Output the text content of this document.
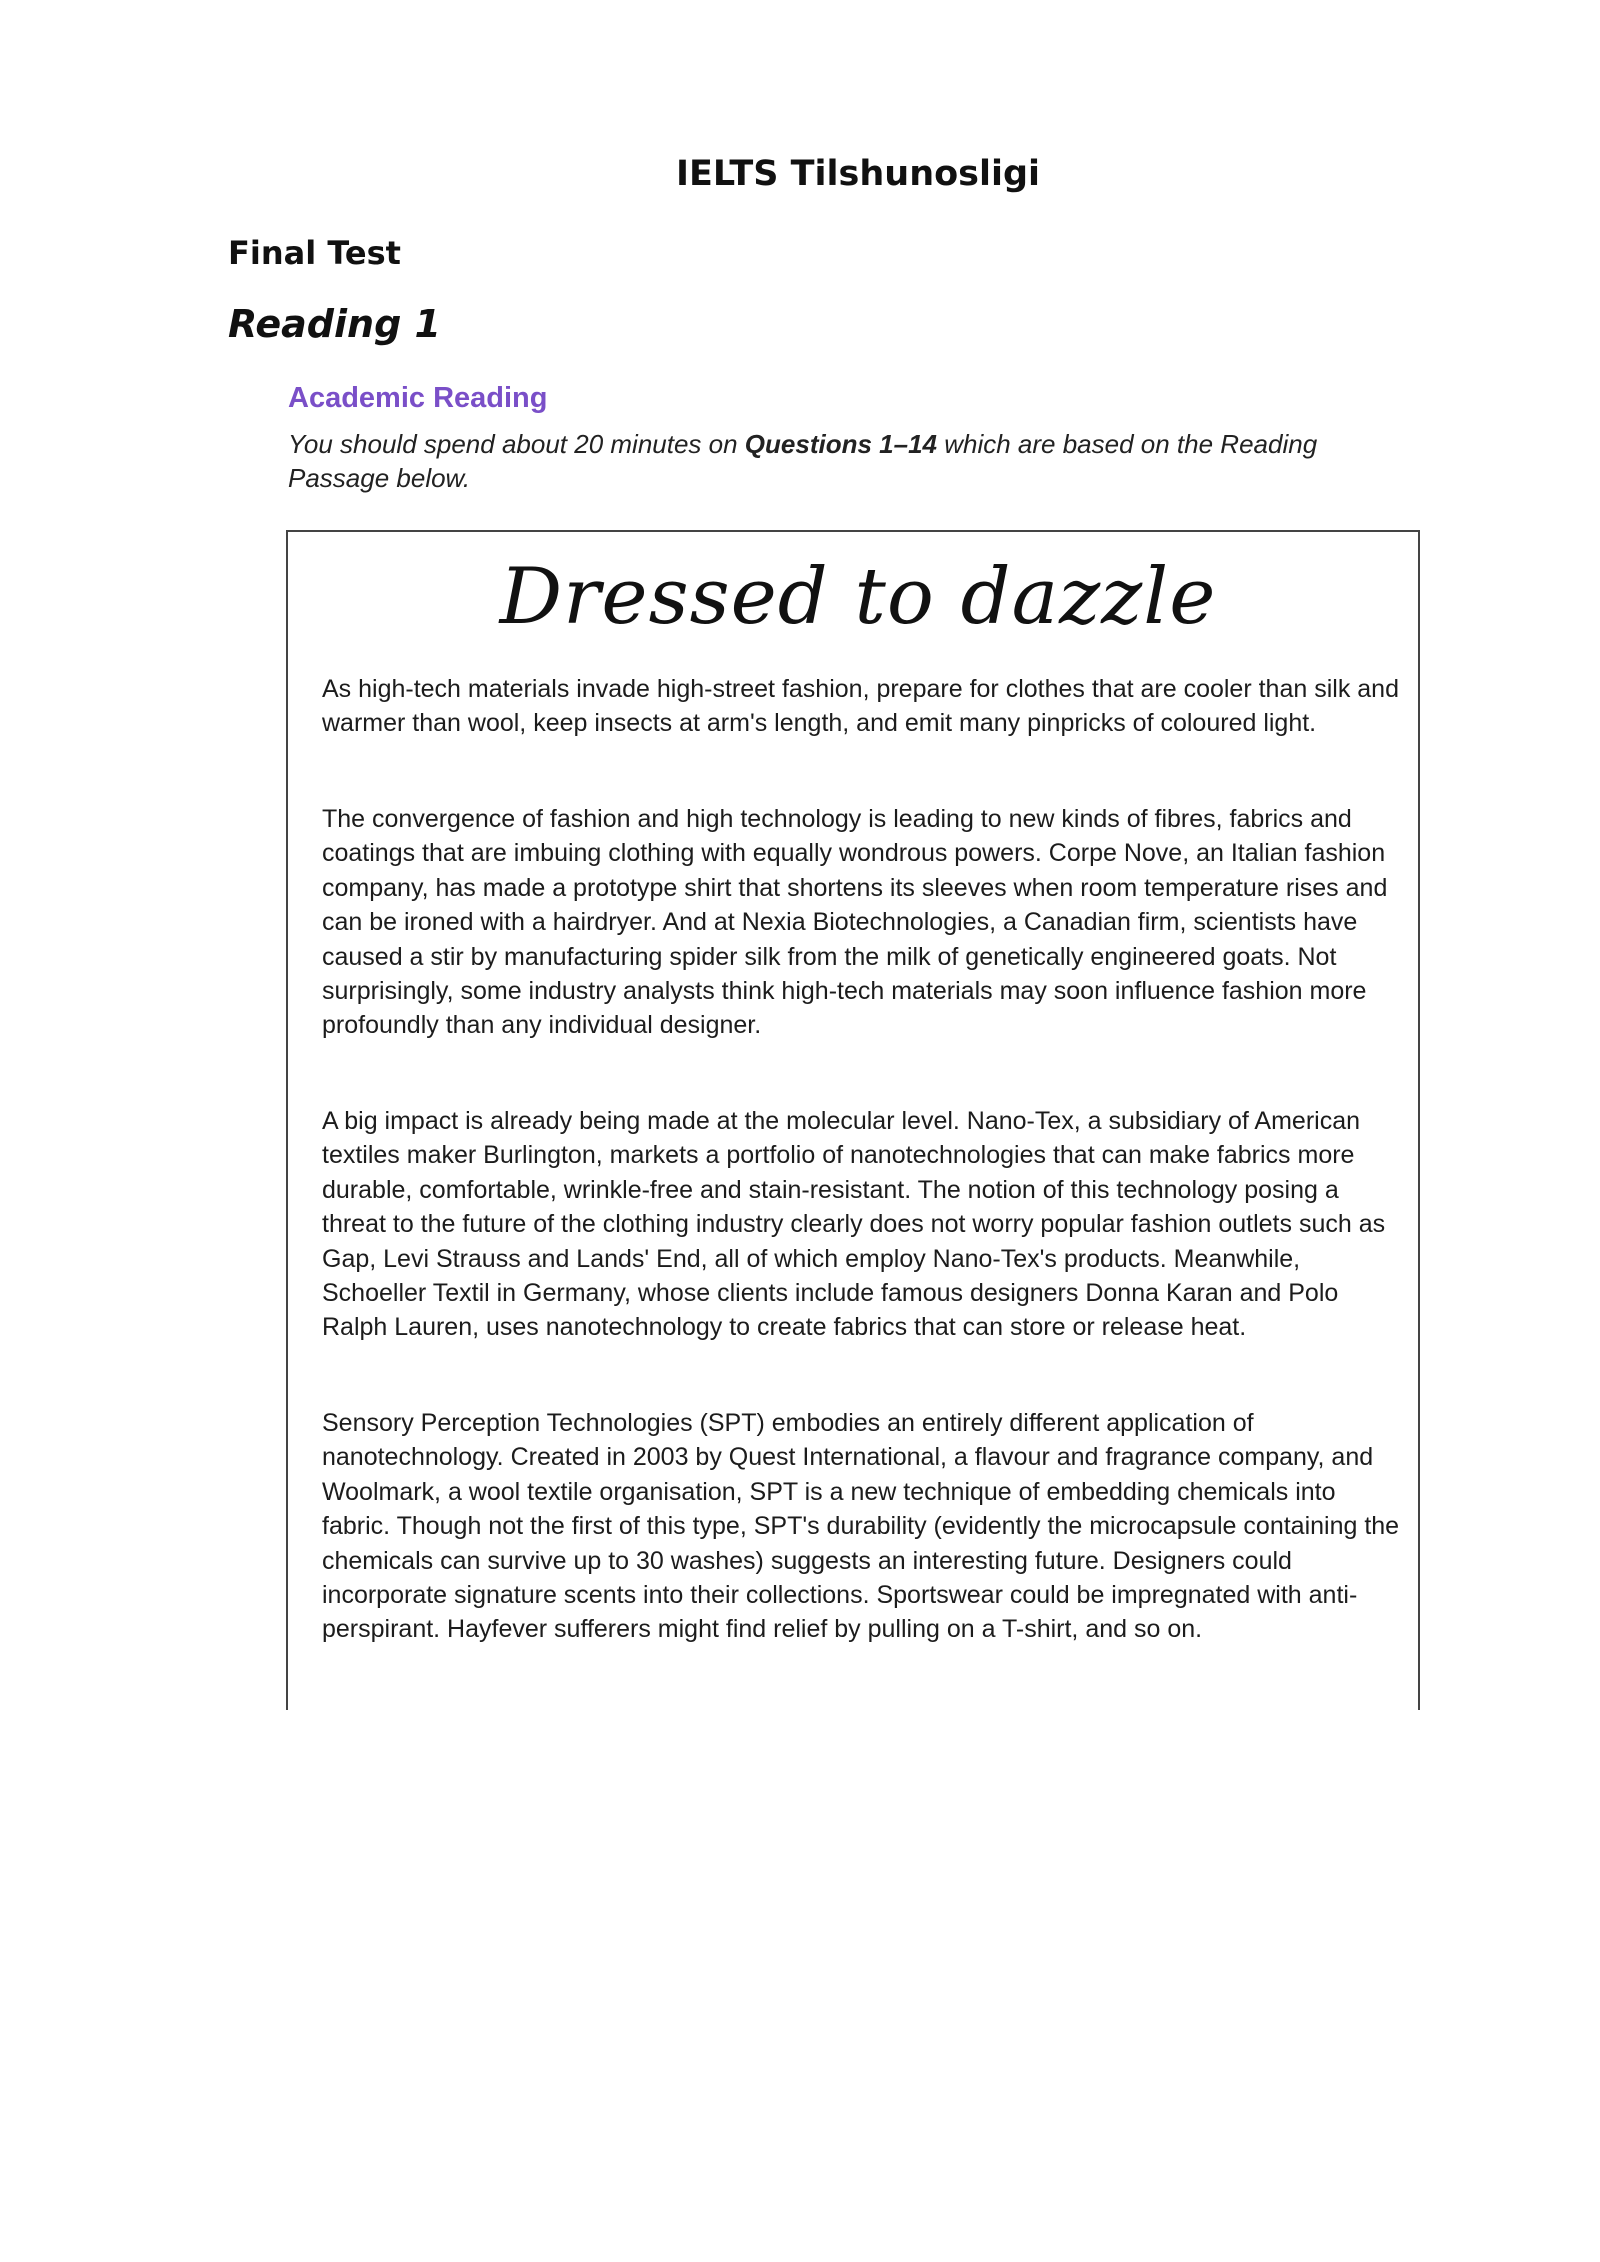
IELTS Tilshunosligi
Final Test
Reading 1
Academic Reading
You should spend about 20 minutes on Questions 1–14 which are based on the Reading Passage below.
Dressed to dazzle

As high-tech materials invade high-street fashion, prepare for clothes that are cooler than silk and warmer than wool, keep insects at arm's length, and emit many pinpricks of coloured light.

The convergence of fashion and high technology is leading to new kinds of fibres, fabrics and coatings that are imbuing clothing with equally wondrous powers. Corpe Nove, an Italian fashion company, has made a prototype shirt that shortens its sleeves when room temperature rises and can be ironed with a hairdryer. And at Nexia Biotechnologies, a Canadian firm, scientists have caused a stir by manufacturing spider silk from the milk of genetically engineered goats. Not surprisingly, some industry analysts think high-tech materials may soon influence fashion more profoundly than any individual designer.

A big impact is already being made at the molecular level. Nano-Tex, a subsidiary of American textiles maker Burlington, markets a portfolio of nanotechnologies that can make fabrics more durable, comfortable, wrinkle-free and stain-resistant. The notion of this technology posing a threat to the future of the clothing industry clearly does not worry popular fashion outlets such as Gap, Levi Strauss and Lands' End, all of which employ Nano-Tex's products. Meanwhile, Schoeller Textil in Germany, whose clients include famous designers Donna Karan and Polo Ralph Lauren, uses nanotechnology to create fabrics that can store or release heat.

Sensory Perception Technologies (SPT) embodies an entirely different application of nanotechnology. Created in 2003 by Quest International, a flavour and fragrance company, and Woolmark, a wool textile organisation, SPT is a new technique of embedding chemicals into fabric. Though not the first of this type, SPT's durability (evidently the microcapsule containing the chemicals can survive up to 30 washes) suggests an interesting future. Designers could incorporate signature scents into their collections. Sportswear could be impregnated with anti-perspirant. Hayfever sufferers might find relief by pulling on a T-shirt, and so on.
